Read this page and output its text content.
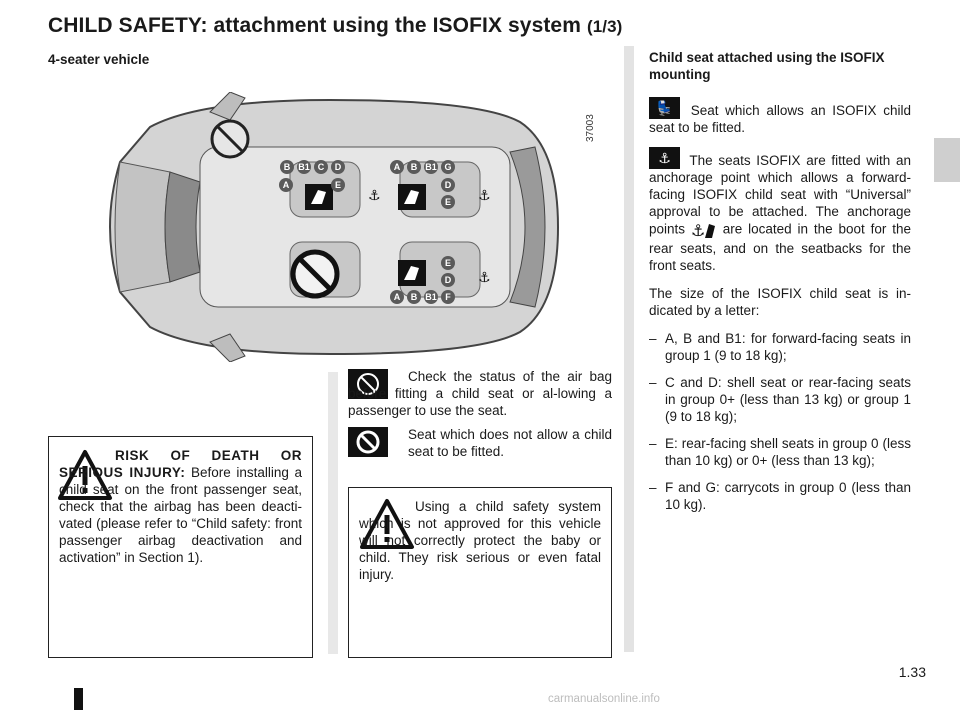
CHILD SAFETY: attachment using the ISOFIX system (1/3)
4-seater vehicle
⚓	⚓
⚓
B B1 C D
A	E
A B B1 G
D
E
E
D
A B B1 F
37003

Child seat attached using the ISOFIX mounting

💺 Seat which allows an ISOFIX child seat to be fitted.

⚓ The seats ISOFIX are fitted with an anchorage point which allows a forward-facing ISOFIX child seat with “Universal” approval to be attached. The anchorage points ⚓ are located in the boot for the rear seats, and on the seatbacks for the front seats.

The size of the ISOFIX child seat is in-dicated by a letter:

– A, B and B1: for forward-facing seats in group 1 (9 to 18 kg);
– C and D: shell seat or rear-facing seats in group 0+ (less than 13 kg) or group 1 (9 to 18 kg);
– E: rear-facing shell seats in group 0 (less than 10 kg) or 0+ (less than 13 kg);
– F and G: carrycots in group 0 (less than 10 kg).
Check the status of the air bag before fitting a child seat or al-lowing a passenger to use the seat.
Seat which does not allow a child seat to be fitted.
RISK OF DEATH OR SERIOUS INJURY: Before installing a child seat on the front passenger seat, check that the airbag has been deacti-vated (please refer to “Child safety: front passenger airbag deactivation and activation” in Section 1).
Using a child safety system which is not approved for this vehicle will not correctly protect the baby or child. They risk serious or even fatal injury.
1.33
carmanualsonline.info
